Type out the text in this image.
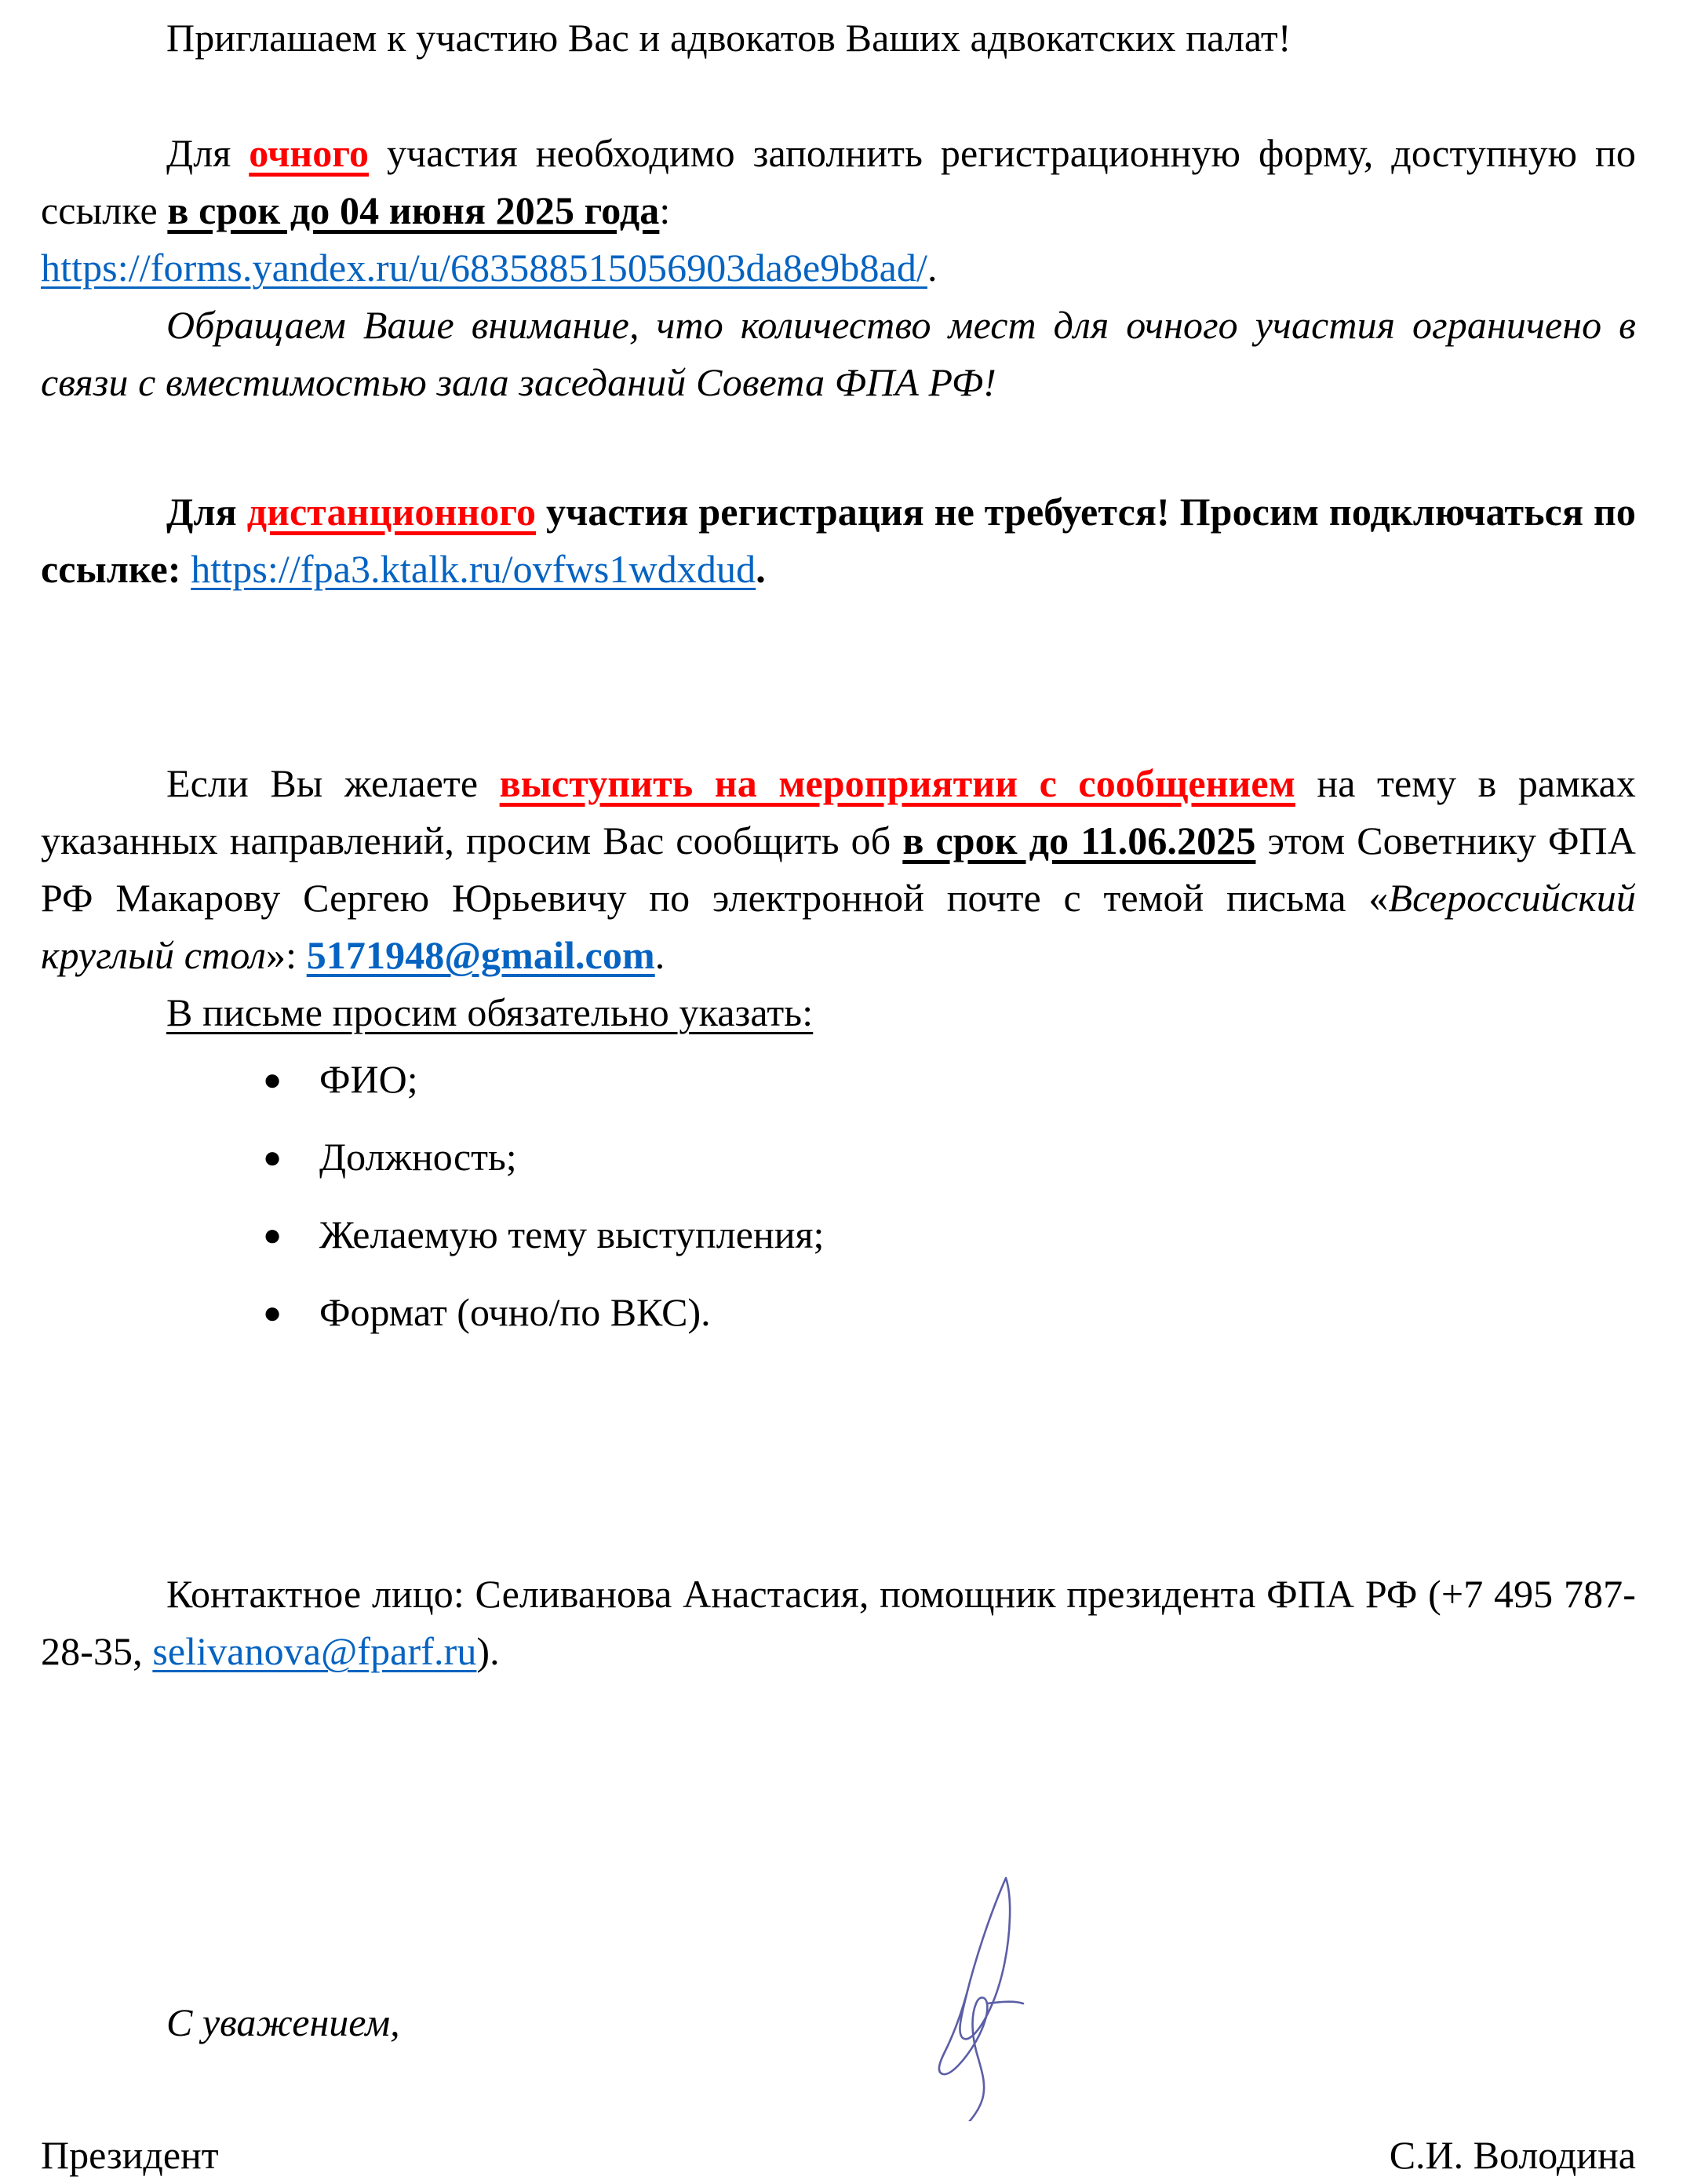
Приглашаем к участию Вас и адвокатов Ваших адвокатских палат!

Для очного участия необходимо заполнить регистрационную форму, доступную по ссылке в срок до 04 июня 2025 года:

https://forms.yandex.ru/u/683588515056903da8e9b8ad/.

Обращаем Ваше внимание, что количество мест для очного участия ограничено в связи с вместимостью зала заседаний Совета ФПА РФ!

Для дистанционного участия регистрация не требуется! Просим подключаться по ссылке: https://fpa3.ktalk.ru/ovfws1wdxdud.

Если Вы желаете выступить на мероприятии с сообщением на тему в рамках указанных направлений, просим Вас сообщить об в срок до 11.06.2025 этом Советнику ФПА РФ Макарову Сергею Юрьевичу по электронной почте с темой письма «Всероссийский круглый стол»: 5171948@gmail.com.

В письме просим обязательно указать:

● ФИО;
● Должность;
● Желаемую тему выступления;
● Формат (очно/по ВКС).

Контактное лицо: Селиванова Анастасия, помощник президента ФПА РФ (+7 495 787-28-35, selivanova@fparf.ru).

С уважением,

Президент	С.И. Володина
